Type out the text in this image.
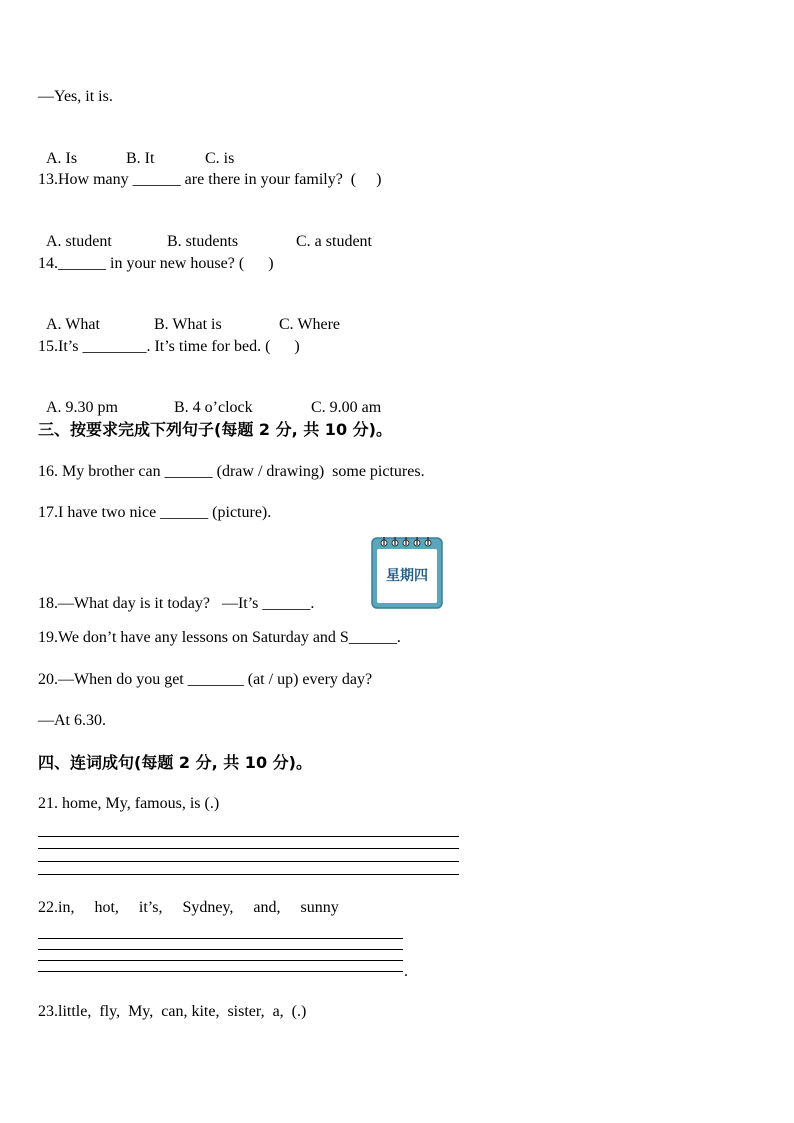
—Yes, it is.

A. Is	B. It	C. is

13.How many ______ are there in your family?  (     )

A. student	B. students	C. a student

14.______ in your new house? (      )

A. What	B. What is	C. Where

15.It’s ________. It’s time for bed. (      )

A. 9.30 pm	B. 4 o’clock	C. 9.00 am

三、按要求完成下列句子(每题 2 分, 共 10 分)。
16. My brother can ______ (draw / drawing)  some pictures.
17.I have two nice ______ (picture).
星期四
18.—What day is it today?   —It’s ______.
19.We don’t have any lessons on Saturday and S______.
20.—When do you get _______ (at / up) every day?
—At 6.30.
四、连词成句(每题 2 分, 共 10 分)。
21. home, My, famous, is (.)
22.in,     hot,     it’s,     Sydney,     and,     sunny
.
23.little,  fly,  My,  can, kite,  sister,  a,  (.)
